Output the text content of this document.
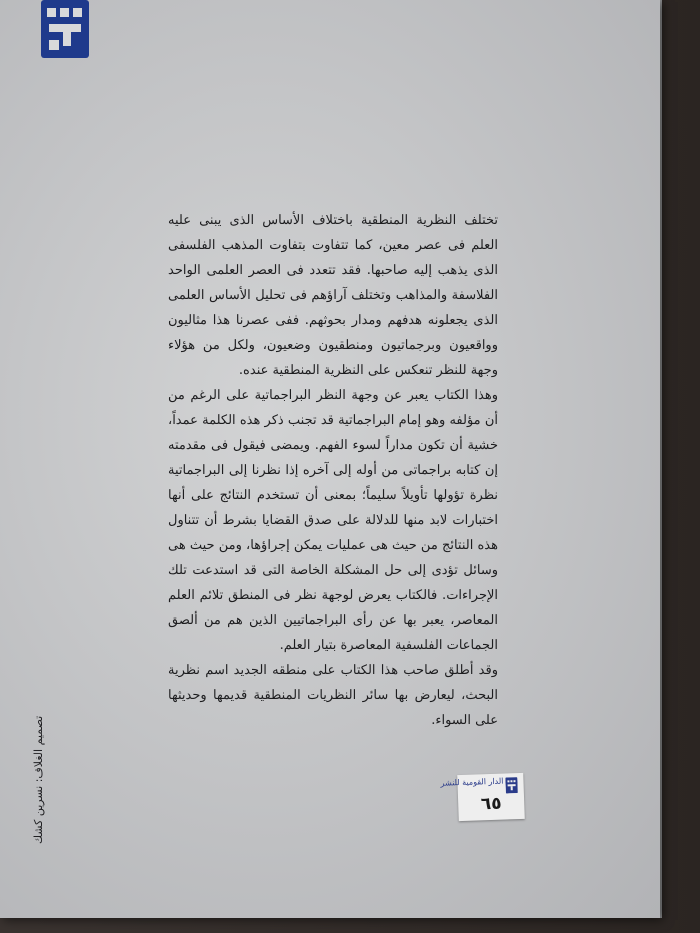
تختلف النظرية المنطقية باختلاف الأساس الذى يبنى عليه العلم فى عصر معين، كما تتفاوت بتفاوت المذهب الفلسفى الذى يذهب إليه صاحبها. فقد تتعدد فى العصر العلمى الواحد الفلاسفة والمذاهب وتختلف آراؤهم فى تحليل الأساس العلمى الذى يجعلونه هدفهم ومدار بحوثهم. ففى عصرنا هذا مثاليون وواقعيون وبرجماتيون ومنطقيون وضعيون، ولكل من هؤلاء وجهة للنظر تنعكس على النظرية المنطقية عنده.

وهذا الكتاب يعبر عن وجهة النظر البراجماتية على الرغم من أن مؤلفه وهو إمام البراجماتية قد تجنب ذكر هذه الكلمة عمداً، خشية أن تكون مداراً لسوء الفهم. ويمضى فيقول فى مقدمته إن كتابه براجماتى من أوله إلى آخره إذا نظرنا إلى البراجماتية نظرة تؤولها تأويلاً سليماً؛ بمعنى أن تستخدم النتائج على أنها اختبارات لابد منها للدلالة على صدق القضايا بشرط أن تتناول هذه النتائج من حيث هى عمليات يمكن إجراؤها، ومن حيث هى وسائل تؤدى إلى حل المشكلة الخاصة التى قد استدعت تلك الإجراءات. فالكتاب يعرض لوجهة نظر فى المنطق تلائم العلم المعاصر، يعبر بها عن رأى البراجماتيين الذين هم من ألصق الجماعات الفلسفية المعاصرة بتيار العلم.

وقد أطلق صاحب هذا الكتاب على منطقه الجديد اسم نظرية البحث، ليعارض بها سائر النظريات المنطقية قديمها وحديثها على السواء.

تصميم الغلاف: نسرين كشك	الدار القومية للنشر
٦٥
